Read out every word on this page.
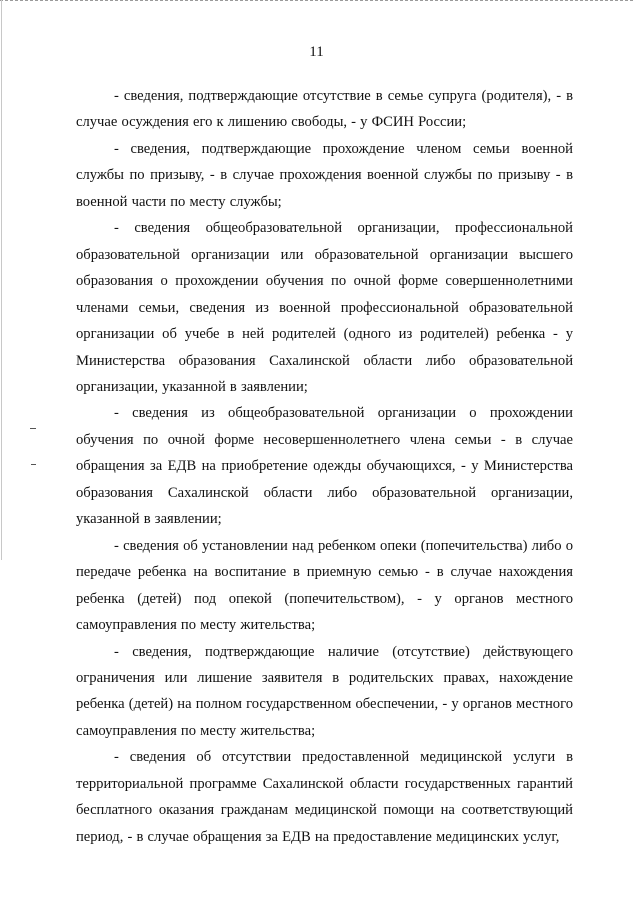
11

- сведения, подтверждающие отсутствие в семье супруга (родителя), - в случае осуждения его к лишению свободы, - у ФСИН России;

- сведения, подтверждающие прохождение членом семьи военной службы по призыву, - в случае прохождения военной службы по призыву - в военной части по месту службы;

- сведения общеобразовательной организации, профессиональной образовательной организации или образовательной организации высшего образования о прохождении обучения по очной форме совершеннолетними членами семьи, сведения из военной профессиональной образовательной организации об учебе в ней родителей (одного из родителей) ребенка - у Министерства образования Сахалинской области либо образовательной организации, указанной в заявлении;

- сведения из общеобразовательной организации о прохождении обучения по очной форме несовершеннолетнего члена семьи - в случае обращения за ЕДВ на приобретение одежды обучающихся, - у Министерства образования Сахалинской области либо образовательной организации, указанной в заявлении;

- сведения об установлении над ребенком опеки (попечительства) либо о передаче ребенка на воспитание в приемную семью - в случае нахождения ребенка (детей) под опекой (попечительством), - у органов местного самоуправления по месту жительства;

- сведения, подтверждающие наличие (отсутствие) действующего ограничения или лишение заявителя в родительских правах, нахождение ребенка (детей) на полном государственном обеспечении, - у органов местного самоуправления по месту жительства;

- сведения об отсутствии предоставленной медицинской услуги в территориальной программе Сахалинской области государственных гарантий бесплатного оказания гражданам медицинской помощи на соответствующий период, - в случае обращения за ЕДВ на предоставление медицинских услуг,
